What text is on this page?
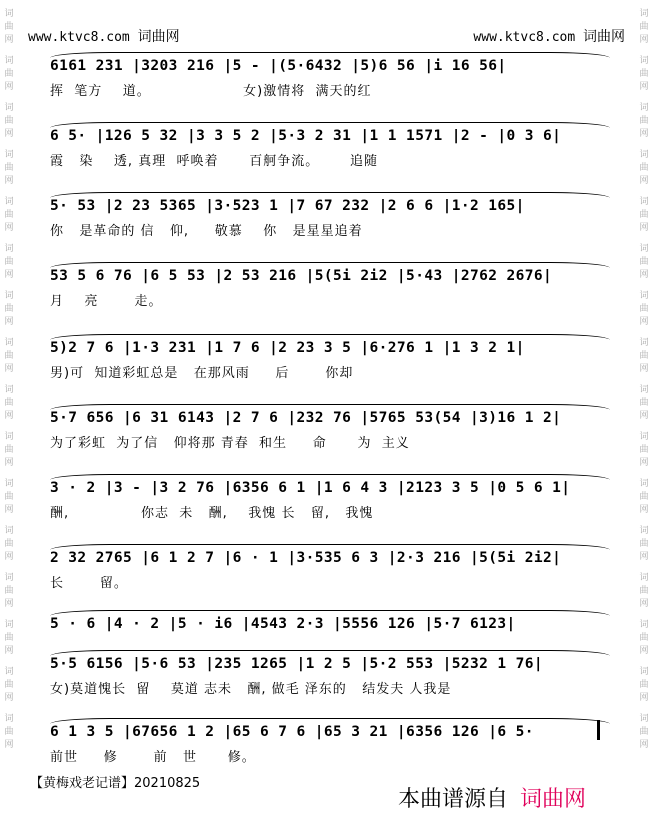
词
曲
网
词
曲
网
词
曲
网
词
曲
网
词
曲
网
词
曲
网
词
曲
网
词
曲
网
词
曲
网
词
曲
网
词
曲
网
词
曲
网
词
曲
网
词
曲
网
词
曲
网
词
曲
网
词
曲
网
词
曲
网
词
曲
网
词
曲
网
词
曲
网
词
曲
网
词
曲
网
词
曲
网
词
曲
网
词
曲
网
词
曲
网
词
曲
网
词
曲
网
词
曲
网
词
曲
网
词
曲
网
www.ktvc8.com 词曲网	www.ktvc8.com 词曲网
6161 231 |3203 216 |5 - |(5·6432 |5)6 56 |i 16 56|
挥  笔方    道。                  女)激情将  满天的红
6 5· |126 5 32 |3 3 5 2 |5·3 2 31 |1 1 1571 |2 - |0 3 6|
霞   染    透, 真理  呼唤着      百舸争流。      追随
5· 53 |2 23 5365 |3·523 1 |7 67 232 |2 6 6 |1·2 165|
你   是革命的 信   仰,     敬慕    你   是星星追着
53 5 6 76 |6 5 53 |2 53 216 |5(5i 2i2 |5·43 |2762 2676|
月    亮       走。
5)2 7 6 |1·3 231 |1 7 6 |2 23 3 5 |6·276 1 |1 3 2 1|
男)可  知道彩虹总是   在那风雨     后       你却
5·7 656 |6 31 6143 |2 7 6 |232 76 |5765 53(54 |3)16 1 2|
为了彩虹  为了信   仰将那 青春  和生     命      为  主义
3 · 2 |3 - |3 2 76 |6356 6 1 |1 6 4 3 |2123 3 5 |0 5 6 1|
酬,              你志  未   酬,    我愧 长   留,   我愧
2 32 2765 |6 1 2 7 |6 · 1 |3·535 6 3 |2·3 216 |5(5i 2i2|
长       留。
5 · 6 |4 · 2 |5 · i6 |4543 2·3 |5556 126 |5·7 6123|
5·5 6156 |5·6 53 |235 1265 |1 2 5 |5·2 553 |5232 1 76|
女)莫道愧长  留    莫道 志未   酬, 做毛 泽东的   结发夫 人我是
6 1 3 5 |67656 1 2 |65 6 7 6 |65 3 21 |6356 126 |6 5·
前世     修       前   世      修。
【黄梅戏老记谱】20210825
本曲谱源自 词曲网
